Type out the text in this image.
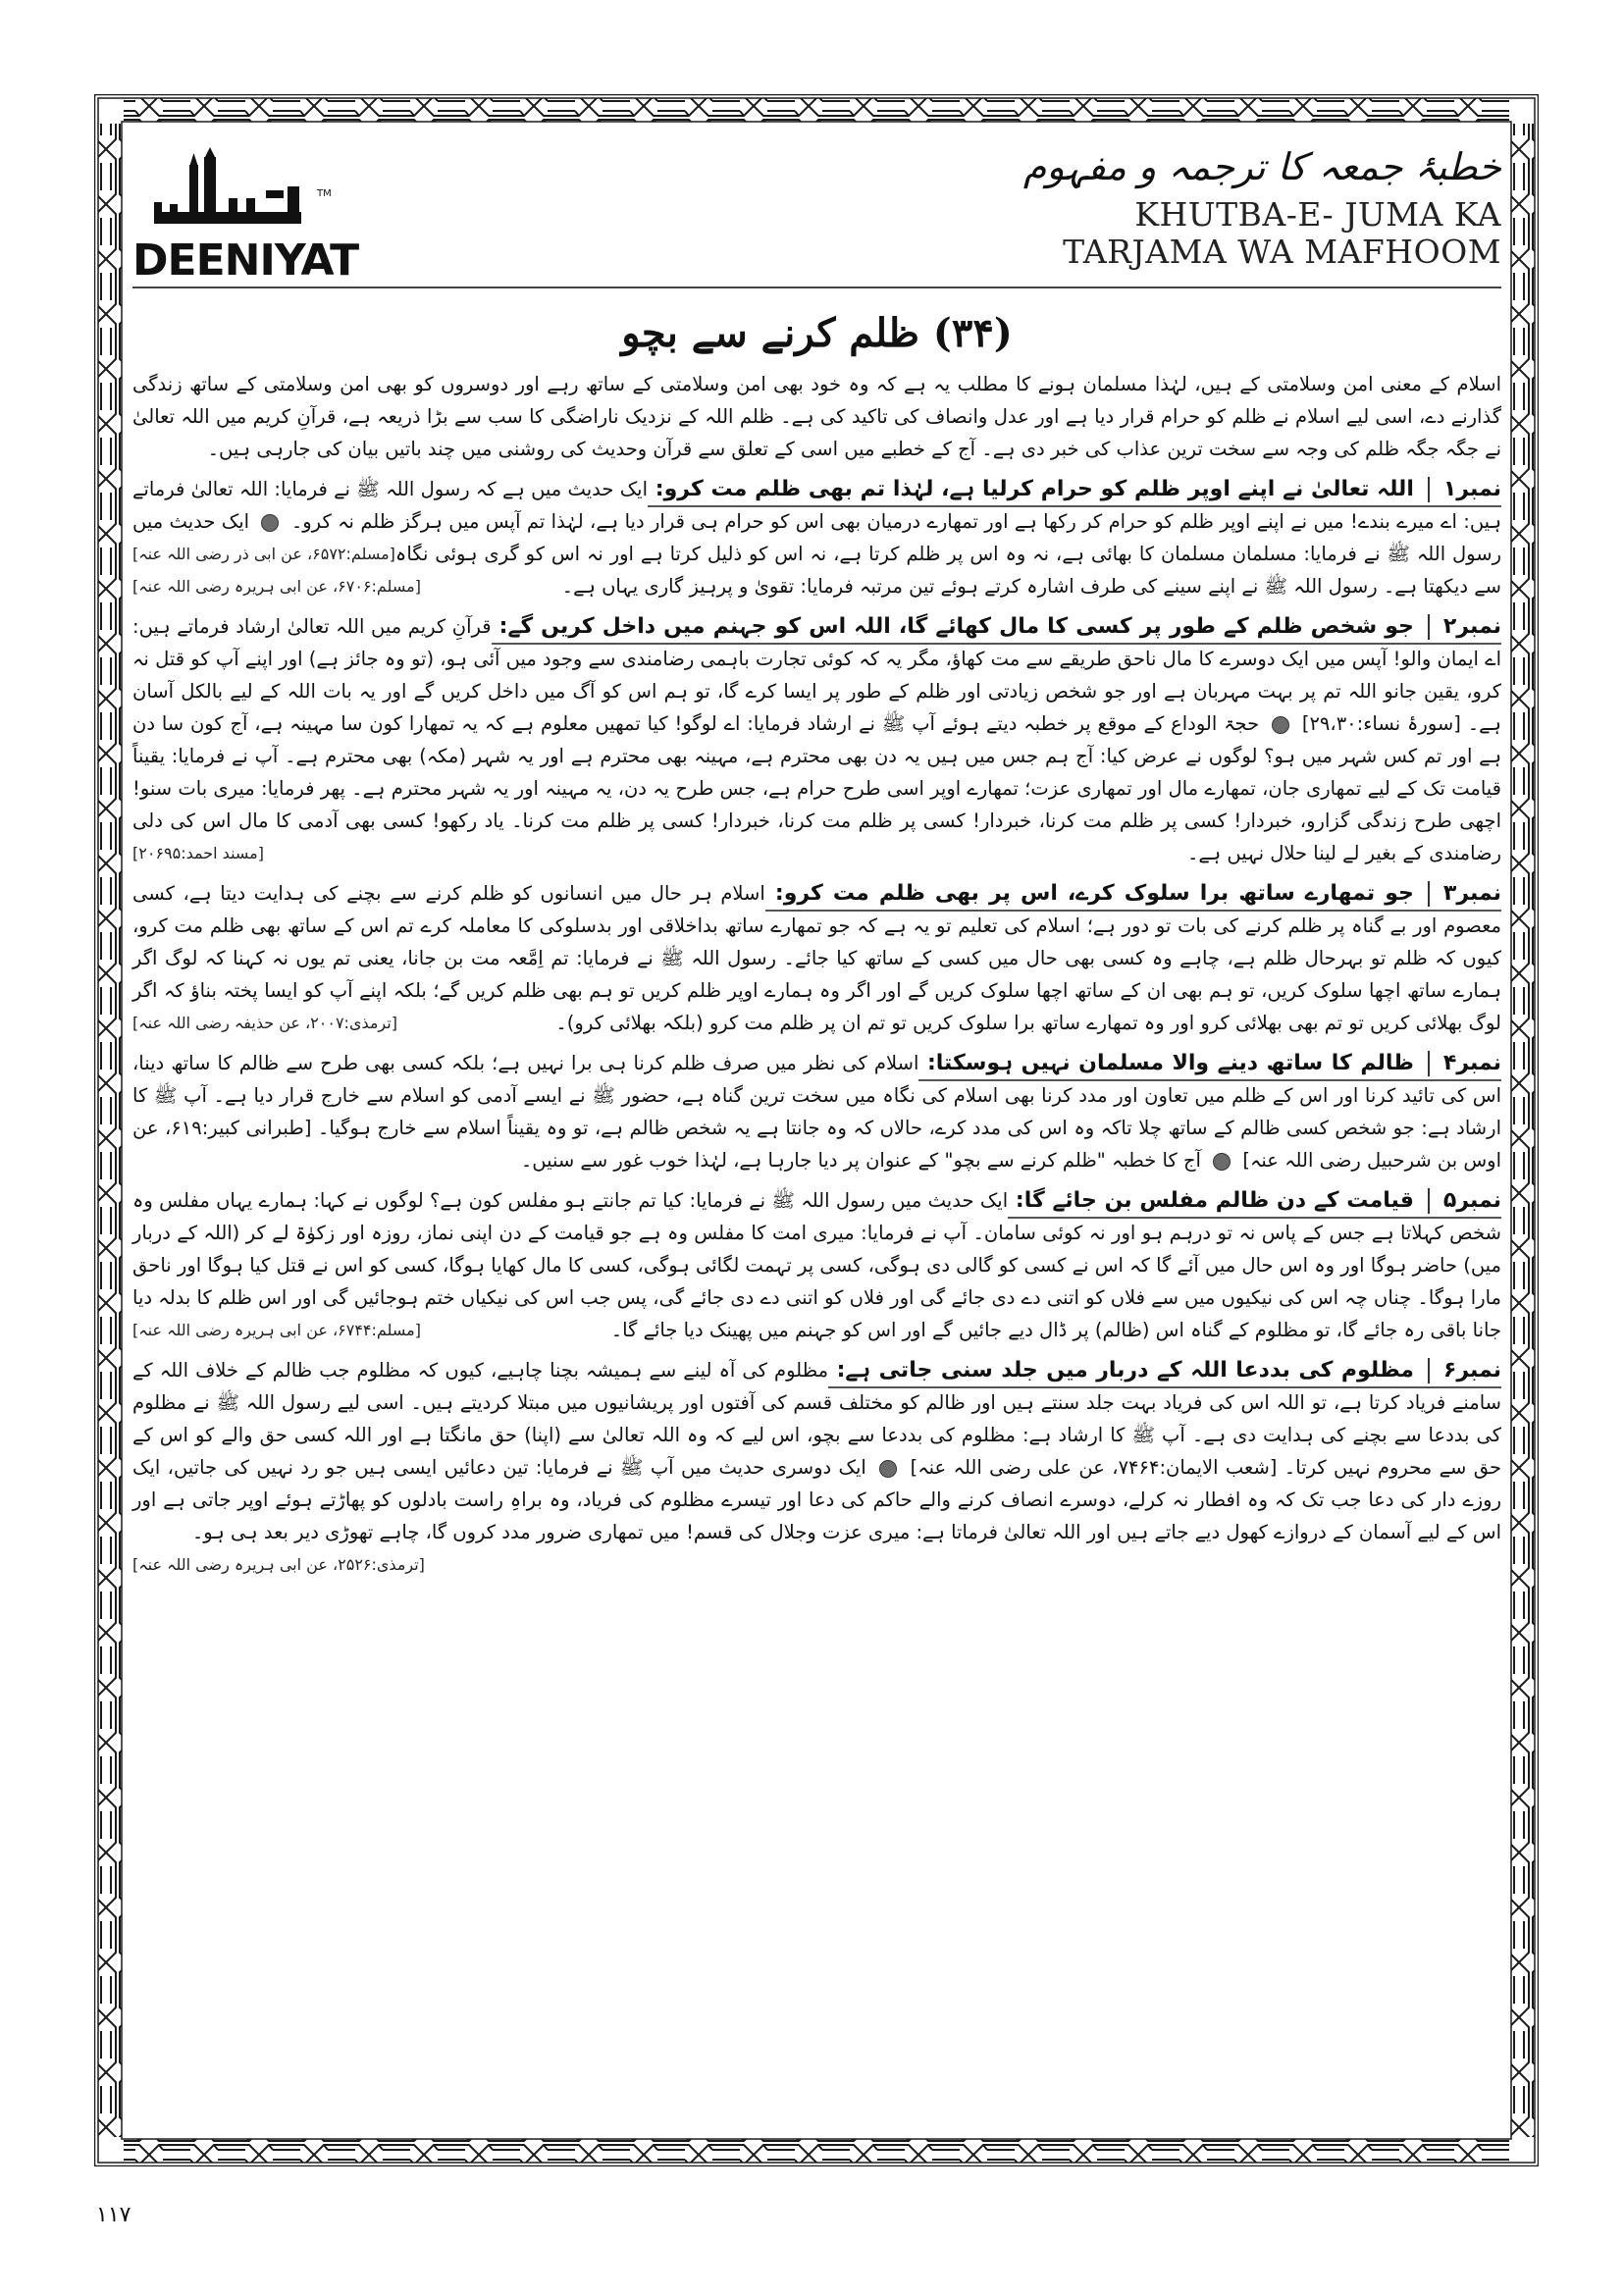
TM
DEENIYAT
خطبۂ جمعہ کا ترجمہ و مفہوم
KHUTBA-E- JUMA KA
TARJAMA WA MAFHOOM
(۳۴) ظلم کرنے سے بچو

اسلام کے معنی امن وسلامتی کے ہیں، لہٰذا مسلمان ہونے کا مطلب یہ ہے کہ وہ خود بھی امن وسلامتی کے ساتھ رہے اور دوسروں کو بھی امن وسلامتی کے ساتھ زندگی گذارنے دے، اسی لیے اسلام نے ظلم کو حرام قرار دیا ہے اور عدل وانصاف کی تاکید کی ہے۔ ظلم اللہ کے نزدیک ناراضگی کا سب سے بڑا ذریعہ ہے، قرآنِ کریم میں اللہ تعالیٰ نے جگہ جگہ ظلم کی وجہ سے سخت ترین عذاب کی خبر دی ہے۔ آج کے خطبے میں اسی کے تعلق سے قرآن وحدیث کی روشنی میں چند باتیں بیان کی جارہی ہیں۔

نمبر۱اللہ تعالیٰ نے اپنے اوپر ظلم کو حرام کرلیا ہے، لہٰذا تم بھی ظلم مت کرو: ایک حدیث میں ہے کہ رسول اللہ ﷺ نے فرمایا: اللہ تعالیٰ فرماتے ہیں: اے میرے بندے! میں نے اپنے اوپر ظلم کو حرام کر رکھا ہے اور تمھارے درمیان بھی اس کو حرام ہی قرار دیا ہے، لہٰذا تم آپس میں ہرگز ظلم نہ کرو۔
[مسلم:۶۵۷۲، عن ابی ذر رضی اللہ عنہ]
ایک حدیث میں رسول اللہ ﷺ نے فرمایا: مسلمان مسلمان کا بھائی ہے، نہ وہ اس پر ظلم کرتا ہے، نہ اس کو ذلیل کرتا ہے اور نہ اس کو گری ہوئی نگاہ سے دیکھتا ہے۔ رسول اللہ ﷺ نے اپنے سینے کی طرف اشارہ کرتے ہوئے تین مرتبہ فرمایا: تقویٰ و پرہیز گاری یہاں ہے۔
[مسلم:۶۷۰۶، عن ابی ہریرہ رضی اللہ عنہ]
نمبر۲جو شخص ظلم کے طور پر کسی کا مال کھائے گا، اللہ اس کو جہنم میں داخل کریں گے: قرآنِ کریم میں اللہ تعالیٰ ارشاد فرماتے ہیں: اے ایمان والو! آپس میں ایک دوسرے کا مال ناحق طریقے سے مت کھاؤ، مگر یہ کہ کوئی تجارت باہمی رضامندی سے وجود میں آئی ہو، (تو وہ جائز ہے) اور اپنے آپ کو قتل نہ کرو، یقین جانو اللہ تم پر بہت مہربان ہے اور جو شخص زیادتی اور ظلم کے طور پر ایسا کرے گا، تو ہم اس کو آگ میں داخل کریں گے اور یہ بات اللہ کے لیے بالکل آسان ہے۔ [سورۂ نساء:۲۹،۳۰]  حجۃ الوداع کے موقع پر خطبہ دیتے ہوئے آپ ﷺ نے ارشاد فرمایا: اے لوگو! کیا تمھیں معلوم ہے کہ یہ تمھارا کون سا مہینہ ہے، آج کون سا دن ہے اور تم کس شہر میں ہو؟ لوگوں نے عرض کیا: آج ہم جس میں ہیں یہ دن بھی محترم ہے، مہینہ بھی محترم ہے اور یہ شہر (مکہ) بھی محترم ہے۔ آپ نے فرمایا: یقیناً قیامت تک کے لیے تمھاری جان، تمھارے مال اور تمھاری عزت؛ تمھارے اوپر اسی طرح حرام ہے، جس طرح یہ دن، یہ مہینہ اور یہ شہر محترم ہے۔ پھر فرمایا: میری بات سنو! اچھی طرح زندگی گزارو، خبردار! کسی پر ظلم مت کرنا، خبردار! کسی پر ظلم مت کرنا، خبردار! کسی پر ظلم مت کرنا۔ یاد رکھو! کسی بھی آدمی کا مال اس کی دلی رضامندی کے بغیر لے لینا حلال نہیں ہے۔
[مسند احمد:۲۰۶۹۵]
نمبر۳جو تمھارے ساتھ برا سلوک کرے، اس پر بھی ظلم مت کرو: اسلام ہر حال میں انسانوں کو ظلم کرنے سے بچنے کی ہدایت دیتا ہے، کسی معصوم اور بے گناہ پر ظلم کرنے کی بات تو دور ہے؛ اسلام کی تعلیم تو یہ ہے کہ جو تمھارے ساتھ بداخلاقی اور بدسلوکی کا معاملہ کرے تم اس کے ساتھ بھی ظلم مت کرو، کیوں کہ ظلم تو بہرحال ظلم ہے، چاہے وہ کسی بھی حال میں کسی کے ساتھ کیا جائے۔ رسول اللہ ﷺ نے فرمایا: تم اِمَّعہ مت بن جانا، یعنی تم یوں نہ کہنا کہ لوگ اگر ہمارے ساتھ اچھا سلوک کریں، تو ہم بھی ان کے ساتھ اچھا سلوک کریں گے اور اگر وہ ہمارے اوپر ظلم کریں تو ہم بھی ظلم کریں گے؛ بلکہ اپنے آپ کو ایسا پختہ بناؤ کہ اگر لوگ بھلائی کریں تو تم بھی بھلائی کرو اور وہ تمھارے ساتھ برا سلوک کریں تو تم ان پر ظلم مت کرو (بلکہ بھلائی کرو)۔
[ترمذی:۲۰۰۷، عن حذیفہ رضی اللہ عنہ]
نمبر۴ظالم کا ساتھ دینے والا مسلمان نہیں ہوسکتا: اسلام کی نظر میں صرف ظلم کرنا ہی برا نہیں ہے؛ بلکہ کسی بھی طرح سے ظالم کا ساتھ دینا، اس کی تائید کرنا اور اس کے ظلم میں تعاون اور مدد کرنا بھی اسلام کی نگاہ میں سخت ترین گناہ ہے، حضور ﷺ نے ایسے آدمی کو اسلام سے خارج قرار دیا ہے۔ آپ ﷺ کا ارشاد ہے: جو شخص کسی ظالم کے ساتھ چلا تاکہ وہ اس کی مدد کرے، حالاں کہ وہ جانتا ہے یہ شخص ظالم ہے، تو وہ یقیناً اسلام سے خارج ہوگیا۔ [طبرانی کبیر:۶۱۹، عن اوس بن شرحبیل رضی اللہ عنہ]  آج کا خطبہ "ظلم کرنے سے بچو" کے عنوان پر دیا جارہا ہے، لہٰذا خوب غور سے سنیں۔
نمبر۵قیامت کے دن ظالم مفلس بن جائے گا: ایک حدیث میں رسول اللہ ﷺ نے فرمایا: کیا تم جانتے ہو مفلس کون ہے؟ لوگوں نے کہا: ہمارے یہاں مفلس وہ شخص کہلاتا ہے جس کے پاس نہ تو درہم ہو اور نہ کوئی سامان۔ آپ نے فرمایا: میری امت کا مفلس وہ ہے جو قیامت کے دن اپنی نماز، روزہ اور زکوٰۃ لے کر (اللہ کے دربار میں) حاضر ہوگا اور وہ اس حال میں آئے گا کہ اس نے کسی کو گالی دی ہوگی، کسی پر تہمت لگائی ہوگی، کسی کا مال کھایا ہوگا، کسی کو اس نے قتل کیا ہوگا اور ناحق مارا ہوگا۔ چناں چہ اس کی نیکیوں میں سے فلاں کو اتنی دے دی جائے گی اور فلاں کو اتنی دے دی جائے گی، پس جب اس کی نیکیاں ختم ہوجائیں گی اور اس ظلم کا بدلہ دیا جانا باقی رہ جائے گا، تو مظلوم کے گناہ اس (ظالم) پر ڈال دیے جائیں گے اور اس کو جہنم میں پھینک دیا جائے گا۔
[مسلم:۶۷۴۴، عن ابی ہریرہ رضی اللہ عنہ]
نمبر۶مظلوم کی بددعا اللہ کے دربار میں جلد سنی جاتی ہے: مظلوم کی آہ لینے سے ہمیشہ بچنا چاہیے، کیوں کہ مظلوم جب ظالم کے خلاف اللہ کے سامنے فریاد کرتا ہے، تو اللہ اس کی فریاد بہت جلد سنتے ہیں اور ظالم کو مختلف قسم کی آفتوں اور پریشانیوں میں مبتلا کردیتے ہیں۔ اسی لیے رسول اللہ ﷺ نے مظلوم کی بددعا سے بچنے کی ہدایت دی ہے۔ آپ ﷺ کا ارشاد ہے: مظلوم کی بددعا سے بچو، اس لیے کہ وہ اللہ تعالیٰ سے (اپنا) حق مانگتا ہے اور اللہ کسی حق والے کو اس کے حق سے محروم نہیں کرتا۔ [شعب الایمان:۷۴۶۴، عن علی رضی اللہ عنہ]  ایک دوسری حدیث میں آپ ﷺ نے فرمایا: تین دعائیں ایسی ہیں جو رد نہیں کی جاتیں، ایک روزے دار کی دعا جب تک کہ وہ افطار نہ کرلے، دوسرے انصاف کرنے والے حاکم کی دعا اور تیسرے مظلوم کی فریاد، وہ براہِ راست بادلوں کو پھاڑتے ہوئے اوپر جاتی ہے اور اس کے لیے آسمان کے دروازے کھول دیے جاتے ہیں اور اللہ تعالیٰ فرماتا ہے: میری عزت وجلال کی قسم! میں تمھاری ضرور مدد کروں گا، چاہے تھوڑی دیر بعد ہی ہو۔
[ترمذی:۲۵۲۶، عن ابی ہریرہ رضی اللہ عنہ]
۱۱۷
